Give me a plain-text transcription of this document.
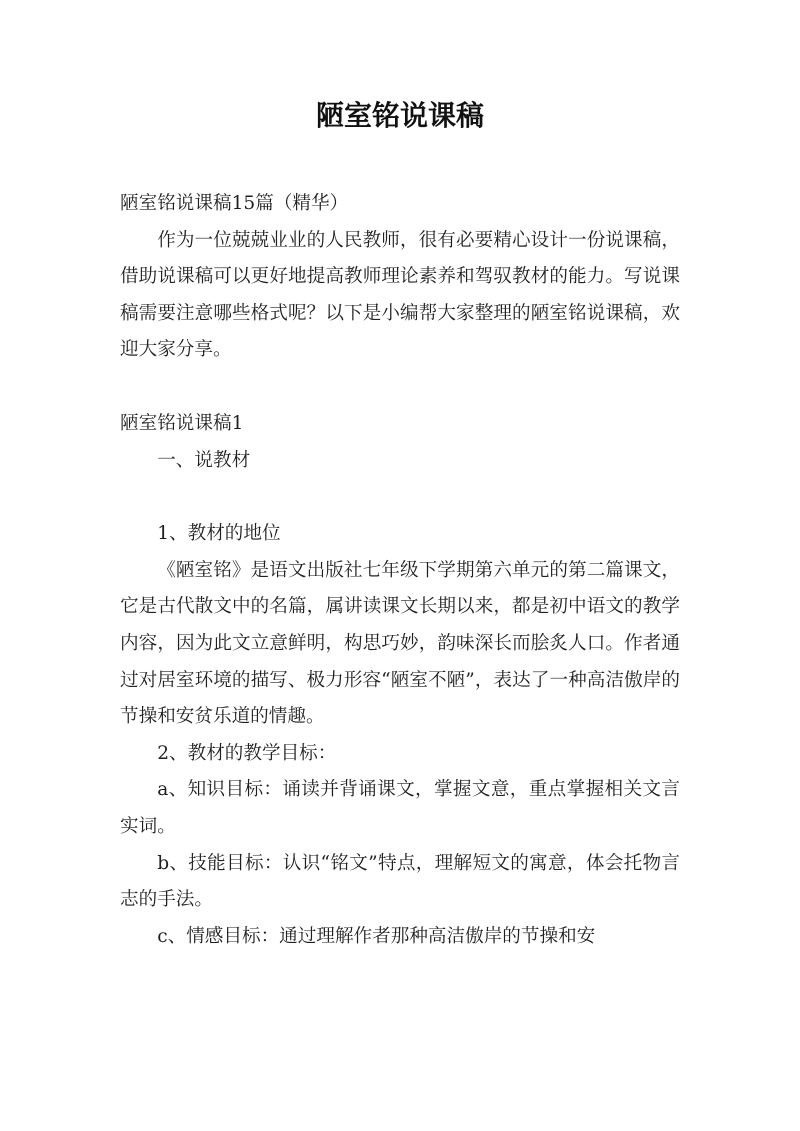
陋室铭说课稿

陋室铭说课稿15篇（精华）

作为一位兢兢业业的人民教师，很有必要精心设计一份说课稿，借助说课稿可以更好地提高教师理论素养和驾驭教材的能力。写说课稿需要注意哪些格式呢？以下是小编帮大家整理的陋室铭说课稿，欢迎大家分享。

陋室铭说课稿1

一、说教材

1、教材的地位

《陋室铭》是语文出版社七年级下学期第六单元的第二篇课文，它是古代散文中的名篇，属讲读课文长期以来，都是初中语文的教学内容，因为此文立意鲜明，构思巧妙，韵味深长而脍炙人口。作者通过对居室环境的描写、极力形容“陋室不陋”，表达了一种高洁傲岸的节操和安贫乐道的情趣。

2、教材的教学目标：

a、知识目标：诵读并背诵课文，掌握文意，重点掌握相关文言实词。

b、技能目标：认识“铭文”特点，理解短文的寓意，体会托物言志的手法。

c、情感目标：通过理解作者那种高洁傲岸的节操和安
